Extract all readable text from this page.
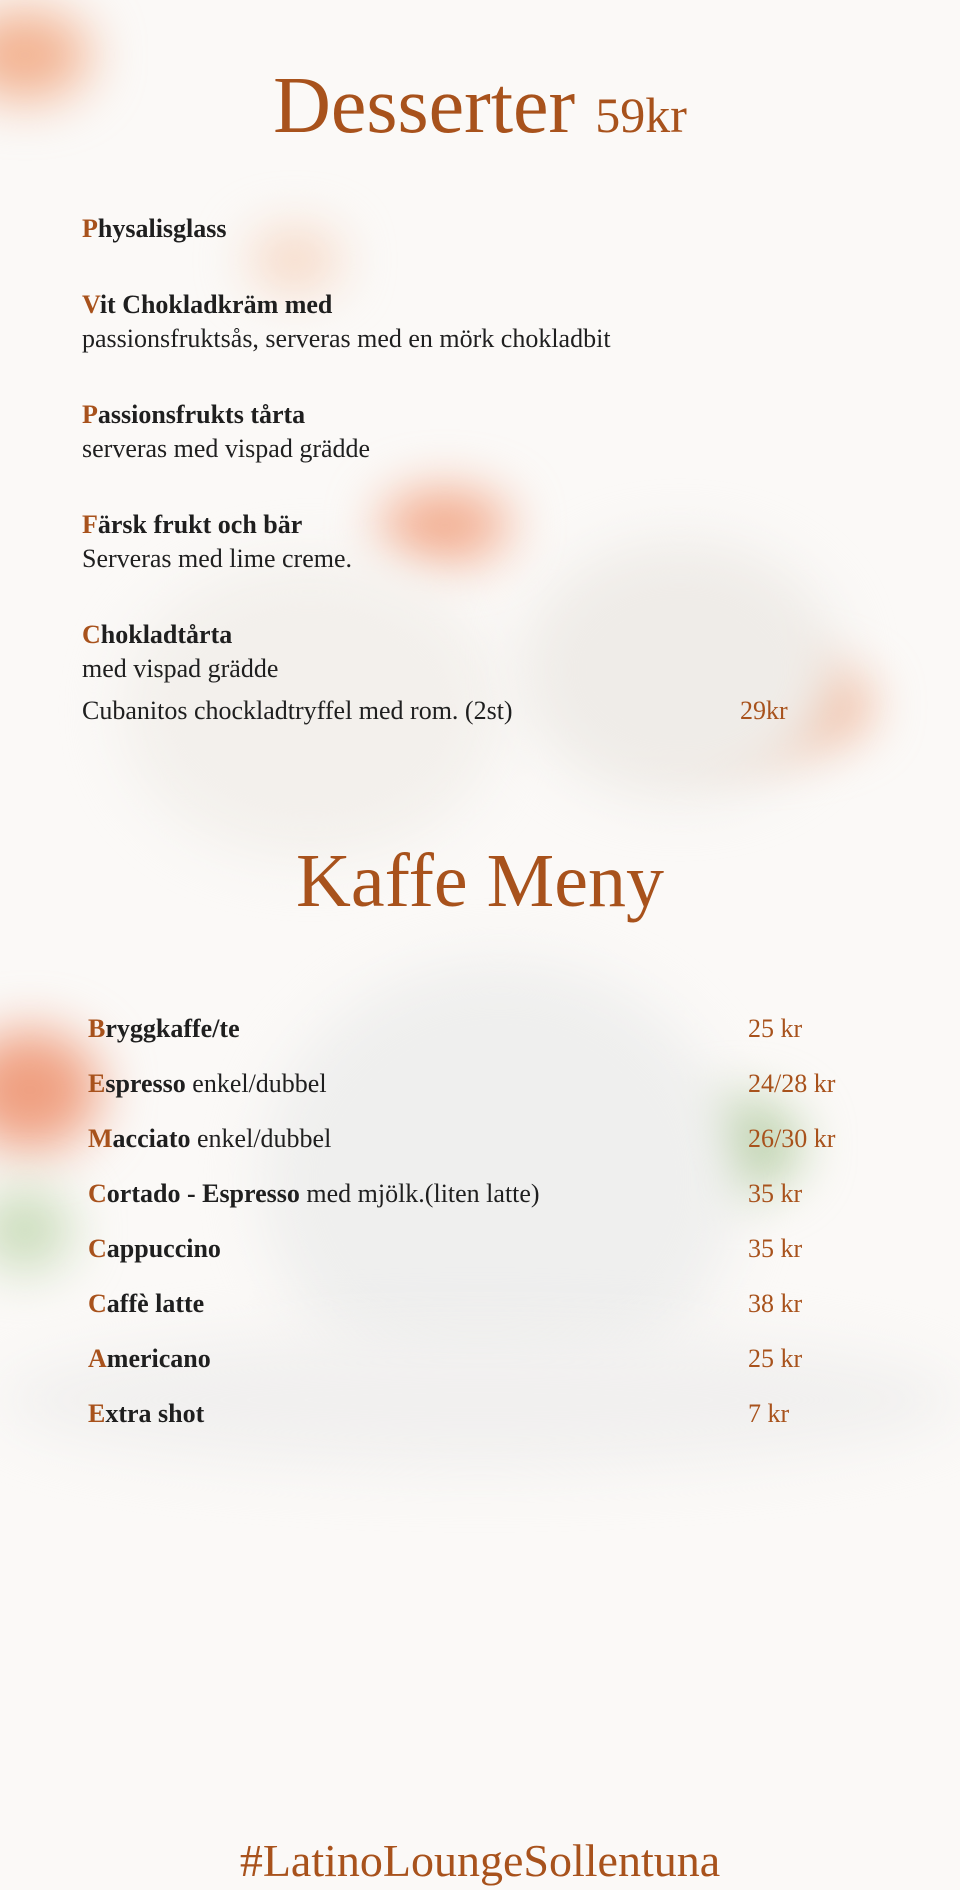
Desserter 59kr
Physalisglass
Vit Chokladkräm med
passionsfruktsås, serveras med en mörk chokladbit
Passionsfrukts tårta
serveras med vispad grädde
Färsk frukt och bär
Serveras med lime creme.
Chokladtårta
med vispad grädde
Cubanitos chockladtryffel med rom. (2st)	29kr
Kaffe Meny
Bryggkaffe/te	25 kr
Espresso enkel/dubbel	24/28 kr
Macciato enkel/dubbel	26/30 kr
Cortado - Espresso med mjölk.(liten latte)	35 kr
Cappuccino	35 kr
Caffè latte	38 kr
Americano	25 kr
Extra shot	7 kr
#LatinoLoungeSollentuna
